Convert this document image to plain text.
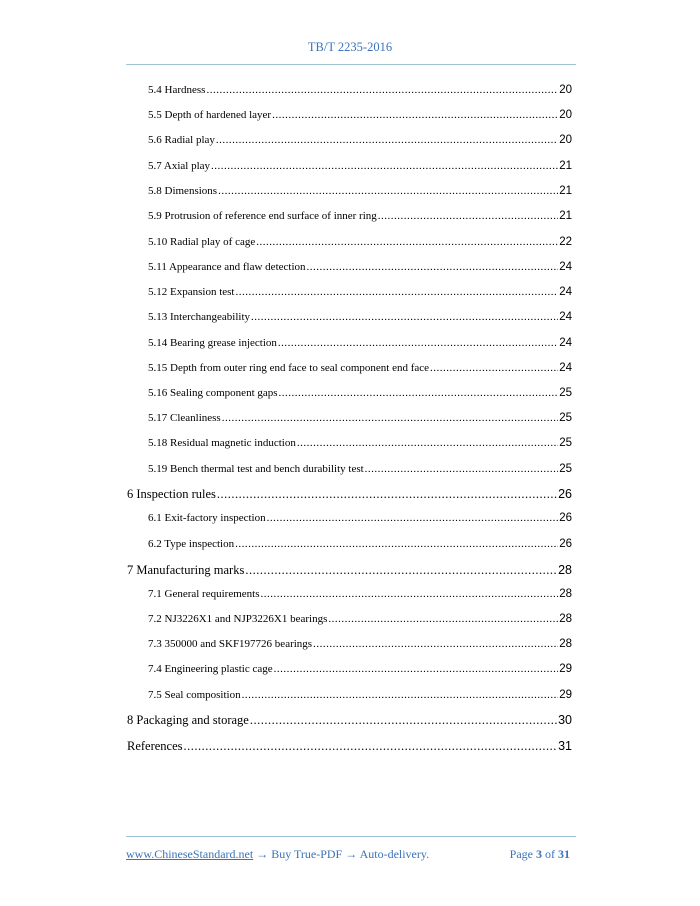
TB/T 2235-2016
5.4 Hardness .....	20
5.5 Depth of hardened layer .....	20
5.6 Radial play .....	20
5.7 Axial play .....	21
5.8 Dimensions .....	21
5.9 Protrusion of reference end surface of inner ring .....	21
5.10 Radial play of cage .....	22
5.11 Appearance and flaw detection .....	24
5.12 Expansion test .....	24
5.13 Interchangeability .....	24
5.14 Bearing grease injection .....	24
5.15 Depth from outer ring end face to seal component end face .....	24
5.16 Sealing component gaps .....	25
5.17 Cleanliness .....	25
5.18 Residual magnetic induction .....	25
5.19 Bench thermal test and bench durability test .....	25
6 Inspection rules .....	26
6.1 Exit-factory inspection .....	26
6.2 Type inspection .....	26
7 Manufacturing marks .....	28
7.1 General requirements .....	28
7.2 NJ3226X1 and NJP3226X1 bearings .....	28
7.3 350000 and SKF197726 bearings .....	28
7.4 Engineering plastic cage .....	29
7.5 Seal composition .....	29
8 Packaging and storage .....	30
References .....	31
www.ChineseStandard.net → Buy True-PDF → Auto-delivery.	Page 3 of 31
